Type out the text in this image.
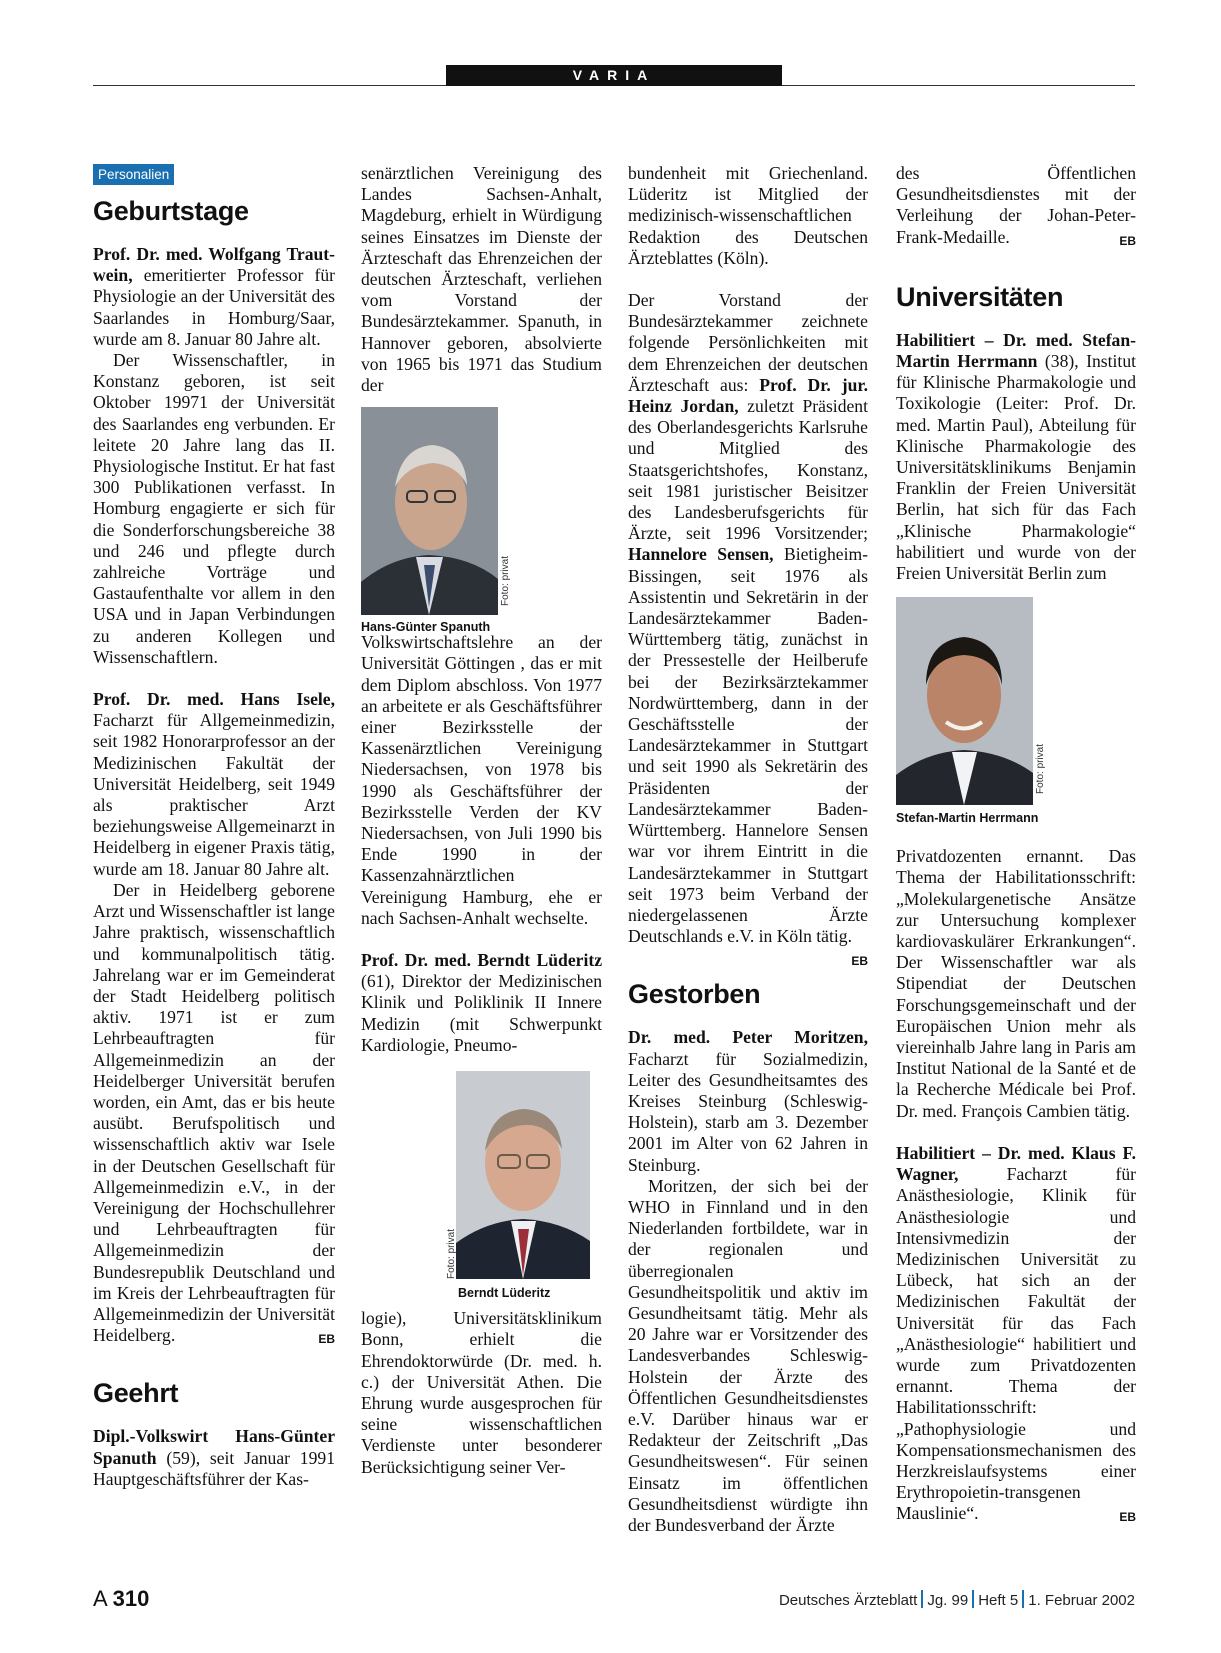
VARIA
Personalien
Geburtstage

Prof. Dr. med. Wolfgang Traut-wein, emeritierter Professor für Physiologie an der Universität des Saarlandes in Homburg/Saar, wurde am 8. Januar 80 Jahre alt.

Der Wissenschaftler, in Konstanz geboren, ist seit Oktober 19971 der Universität des Saarlandes eng verbunden. Er leitete 20 Jahre lang das II. Physiologische Institut. Er hat fast 300 Publikationen verfasst. In Homburg engagierte er sich für die Sonderforschungsbereiche 38 und 246 und pflegte durch zahlreiche Vorträge und Gastaufenthalte vor allem in den USA und in Japan Verbindungen zu anderen Kollegen und Wissenschaftlern.

Prof. Dr. med. Hans Isele, Facharzt für Allgemeinmedizin, seit 1982 Honorarprofessor an der Medizinischen Fakultät der Universität Heidelberg, seit 1949 als praktischer Arzt beziehungsweise Allgemeinarzt in Heidelberg in eigener Praxis tätig, wurde am 18. Januar 80 Jahre alt.

Der in Heidelberg geborene Arzt und Wissenschaftler ist lange Jahre praktisch, wissenschaftlich und kommunalpolitisch tätig. Jahrelang war er im Gemeinderat der Stadt Heidelberg politisch aktiv. 1971 ist er zum Lehrbeauftragten für Allgemeinmedizin an der Heidelberger Universität berufen worden, ein Amt, das er bis heute ausübt. Berufspolitisch und wissenschaftlich aktiv war Isele in der Deutschen Gesellschaft für Allgemeinmedizin e.V., in der Vereinigung der Hochschullehrer und Lehrbeauftragten für Allgemeinmedizin der Bundesrepublik Deutschland und im Kreis der Lehrbeauftragten für Allgemeinmedizin der Universität Heidelberg.	EB

Geehrt

Dipl.-Volkswirt Hans-Günter Spanuth (59), seit Januar 1991 Hauptgeschäftsführer der Kas-

senärztlichen Vereinigung des Landes Sachsen-Anhalt, Magdeburg, erhielt in Würdigung seines Einsatzes im Dienste der Ärzteschaft das Ehrenzeichen der deutschen Ärzteschaft, verliehen vom Vorstand der Bundesärztekammer. Spanuth, in Hannover geboren, absolvierte von 1965 bis 1971 das Studium der

Foto: privat
Hans-Günter Spanuth

Volkswirtschaftslehre an der Universität Göttingen , das er mit dem Diplom abschloss. Von 1977 an arbeitete er als Geschäftsführer einer Bezirksstelle der Kassenärztlichen Vereinigung Niedersachsen, von 1978 bis 1990 als Geschäftsführer der Bezirksstelle Verden der KV Niedersachsen, von Juli 1990 bis Ende 1990 in der Kassenzahnärztlichen Vereinigung Hamburg, ehe er nach Sachsen-Anhalt wechselte.

Prof. Dr. med. Berndt Lüderitz (61), Direktor der Medizinischen Klinik und Poliklinik II Innere Medizin (mit Schwerpunkt Kardiologie, Pneumo-

Foto: privat
Berndt Lüderitz

logie), Universitätsklinikum Bonn, erhielt die Ehrendoktorwürde (Dr. med. h. c.) der Universität Athen. Die Ehrung wurde ausgesprochen für seine wissenschaftlichen Verdienste unter besonderer Berücksichtigung seiner Ver-

bundenheit mit Griechenland. Lüderitz ist Mitglied der medizinisch-wissenschaftlichen Redaktion des Deutschen Ärzteblattes (Köln).

Der Vorstand der Bundesärztekammer zeichnete folgende Persönlichkeiten mit dem Ehrenzeichen der deutschen Ärzteschaft aus: Prof. Dr. jur. Heinz Jordan, zuletzt Präsident des Oberlandesgerichts Karlsruhe und Mitglied des Staatsgerichtshofes, Konstanz, seit 1981 juristischer Beisitzer des Landesberufsgerichts für Ärzte, seit 1996 Vorsitzender; Hannelore Sensen, Bietigheim-Bissingen, seit 1976 als Assistentin und Sekretärin in der Landesärztekammer Baden-Württemberg tätig, zunächst in der Pressestelle der Heilberufe bei der Bezirksärztekammer Nordwürttemberg, dann in der Geschäftsstelle der Landesärztekammer in Stuttgart und seit 1990 als Sekretärin des Präsidenten der Landesärztekammer Baden-Württemberg. Hannelore Sensen war vor ihrem Eintritt in die Landesärztekammer in Stuttgart seit 1973 beim Verband der niedergelassenen Ärzte Deutschlands e.V. in Köln tätig.
EB

Gestorben

Dr. med. Peter Moritzen, Facharzt für Sozialmedizin, Leiter des Gesundheitsamtes des Kreises Steinburg (Schleswig-Holstein), starb am 3. Dezember 2001 im Alter von 62 Jahren in Steinburg.

Moritzen, der sich bei der WHO in Finnland und in den Niederlanden fortbildete, war in der regionalen und überregionalen Gesundheitspolitik und aktiv im Gesundheitsamt tätig. Mehr als 20 Jahre war er Vorsitzender des Landesverbandes Schleswig-Holstein der Ärzte des Öffentlichen Gesundheitsdienstes e.V. Darüber hinaus war er Redakteur der Zeitschrift „Das Gesundheitswesen“. Für seinen Einsatz im öffentlichen Gesundheitsdienst würdigte ihn der Bundesverband der Ärzte

des Öffentlichen Gesundheitsdienstes mit der Verleihung der Johan-Peter-Frank-Medaille.	EB

Universitäten

Habilitiert – Dr. med. Stefan-Martin Herrmann (38), Institut für Klinische Pharmakologie und Toxikologie (Leiter: Prof. Dr. med. Martin Paul), Abteilung für Klinische Pharmakologie des Universitätsklinikums Benjamin Franklin der Freien Universität Berlin, hat sich für das Fach „Klinische Pharmakologie“ habilitiert und wurde von der Freien Universität Berlin zum

Foto: privat
Stefan-Martin Herrmann

Privatdozenten ernannt. Das Thema der Habilitationsschrift: „Molekulargenetische Ansätze zur Untersuchung komplexer kardiovaskulärer Erkrankungen“. Der Wissenschaftler war als Stipendiat der Deutschen Forschungsgemeinschaft und der Europäischen Union mehr als viereinhalb Jahre lang in Paris am Institut National de la Santé et de la Recherche Médicale bei Prof. Dr. med. François Cambien tätig.

Habilitiert – Dr. med. Klaus F. Wagner, Facharzt für Anästhesiologie, Klinik für Anästhesiologie und Intensivmedizin der Medizinischen Universität zu Lübeck, hat sich an der Medizinischen Fakultät der Universität für das Fach „Anästhesiologie“ habilitiert und wurde zum Privatdozenten ernannt. Thema der Habilitationsschrift: „Pathophysiologie und Kompensationsmechanismen des Herzkreislaufsystems einer Erythropoietin-transgenen Mauslinie“.	EB

A 310	Deutsches Ärzteblatt Jg. 99 Heft 5 1. Februar 2002
